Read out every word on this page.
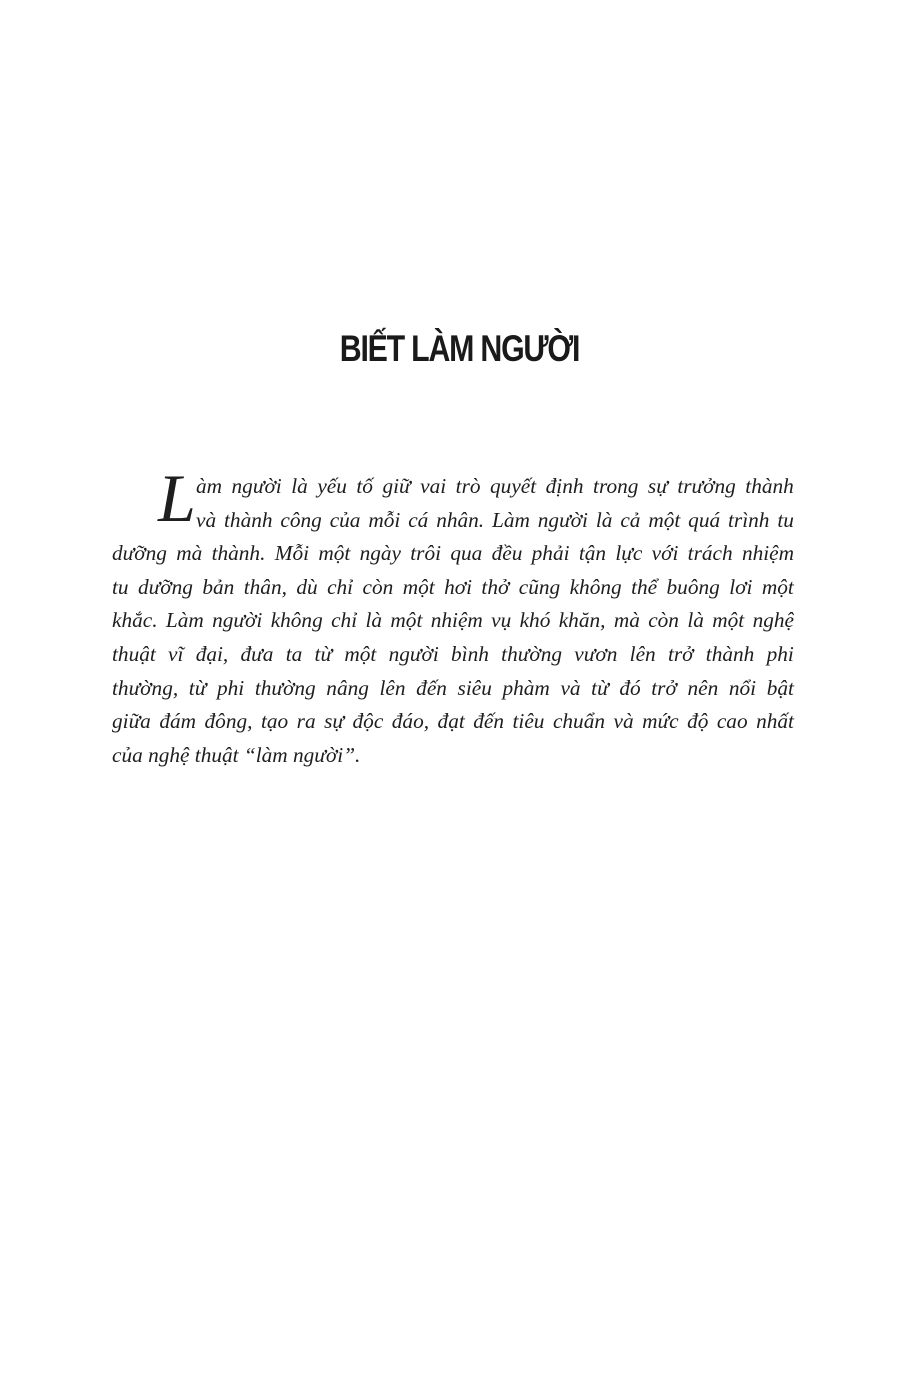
BIẾT LÀM NGƯỜI
L àm người là yếu tố giữ vai trò quyết định trong sự trưởng thành
và thành công của mỗi cá nhân. Làm người là cả một quá trình tu
dưỡng mà thành. Mỗi một ngày trôi qua đều phải tận lực với trách nhiệm
tu dưỡng bản thân, dù chỉ còn một hơi thở cũng không thể buông lơi một
khắc. Làm người không chỉ là một nhiệm vụ khó khăn, mà còn là một nghệ
thuật vĩ đại, đưa ta từ một người bình thường vươn lên trở thành phi
thường, từ phi thường nâng lên đến siêu phàm và từ đó trở nên nổi bật
giữa đám đông, tạo ra sự độc đáo, đạt đến tiêu chuẩn và mức độ cao nhất
của nghệ thuật “làm người”.
